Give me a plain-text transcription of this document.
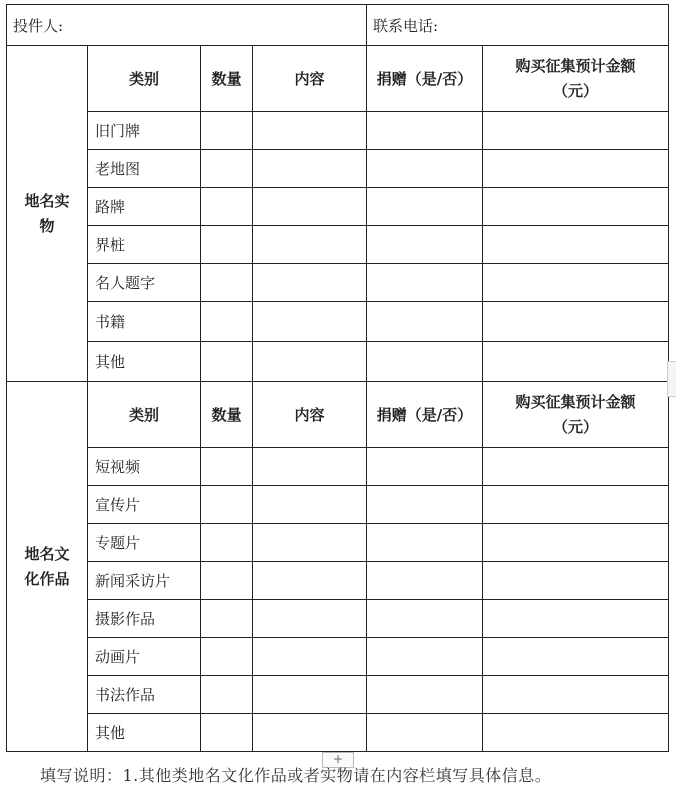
投件人:				联系电话:	
地名实
物	类别	数量	内容	捐赠（是/否）	购买征集预计金额
（元）
	旧门牌				
	老地图				
	路牌				
	界桩				
	名人题字				
	书籍				
	其他				
地名文
化作品	类别	数量	内容	捐赠（是/否）	购买征集预计金额
（元）
	短视频				
	宣传片				
	专题片				
	新闻采访片				
	摄影作品				
	动画片				
	书法作品				
	其他				
+
填写说明：1.其他类地名文化作品或者实物请在内容栏填写具体信息。
